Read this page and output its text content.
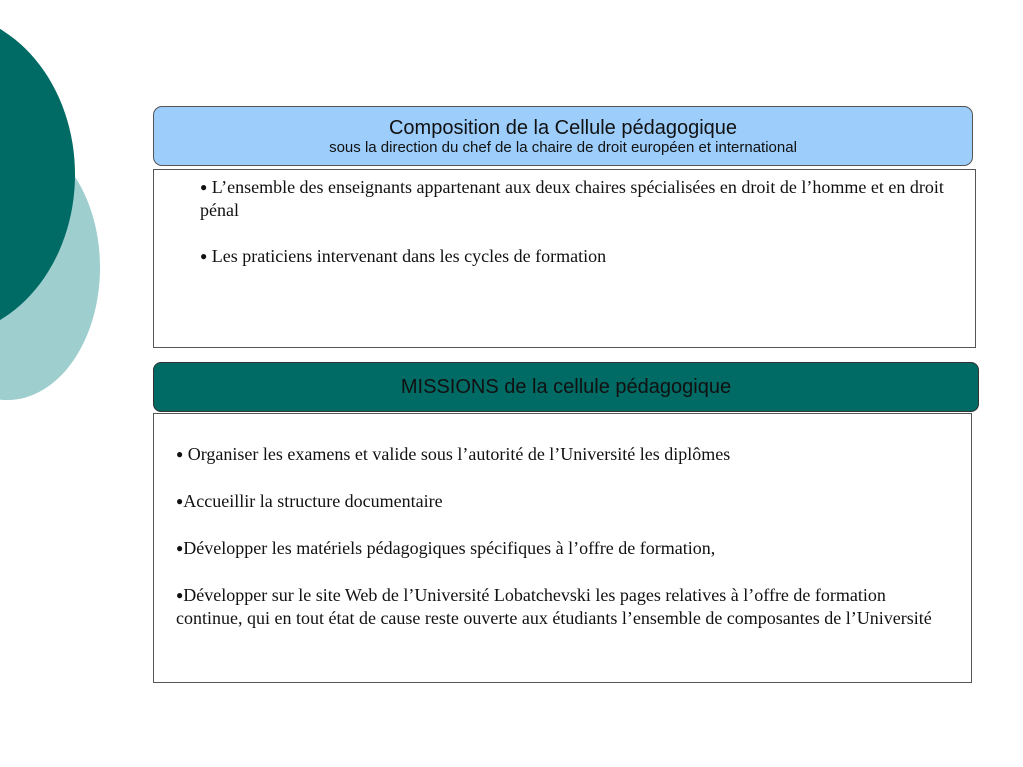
Composition de la Cellule pédagogique
sous la direction du chef de la chaire de droit européen et international
● L’ensemble des enseignants appartenant aux deux chaires spécialisées en droit de l’homme et en droit pénal
● Les praticiens intervenant dans les cycles de formation
MISSIONS de la cellule pédagogique
● Organiser les examens et valide sous l’autorité de l’Université les diplômes
●Accueillir la structure documentaire
●Développer les matériels pédagogiques spécifiques à l’offre de formation,
●Développer sur le site Web de l’Université Lobatchevski les pages relatives à l’offre de formation continue, qui en tout état de cause reste ouverte aux étudiants l’ensemble de composantes de l’Université
